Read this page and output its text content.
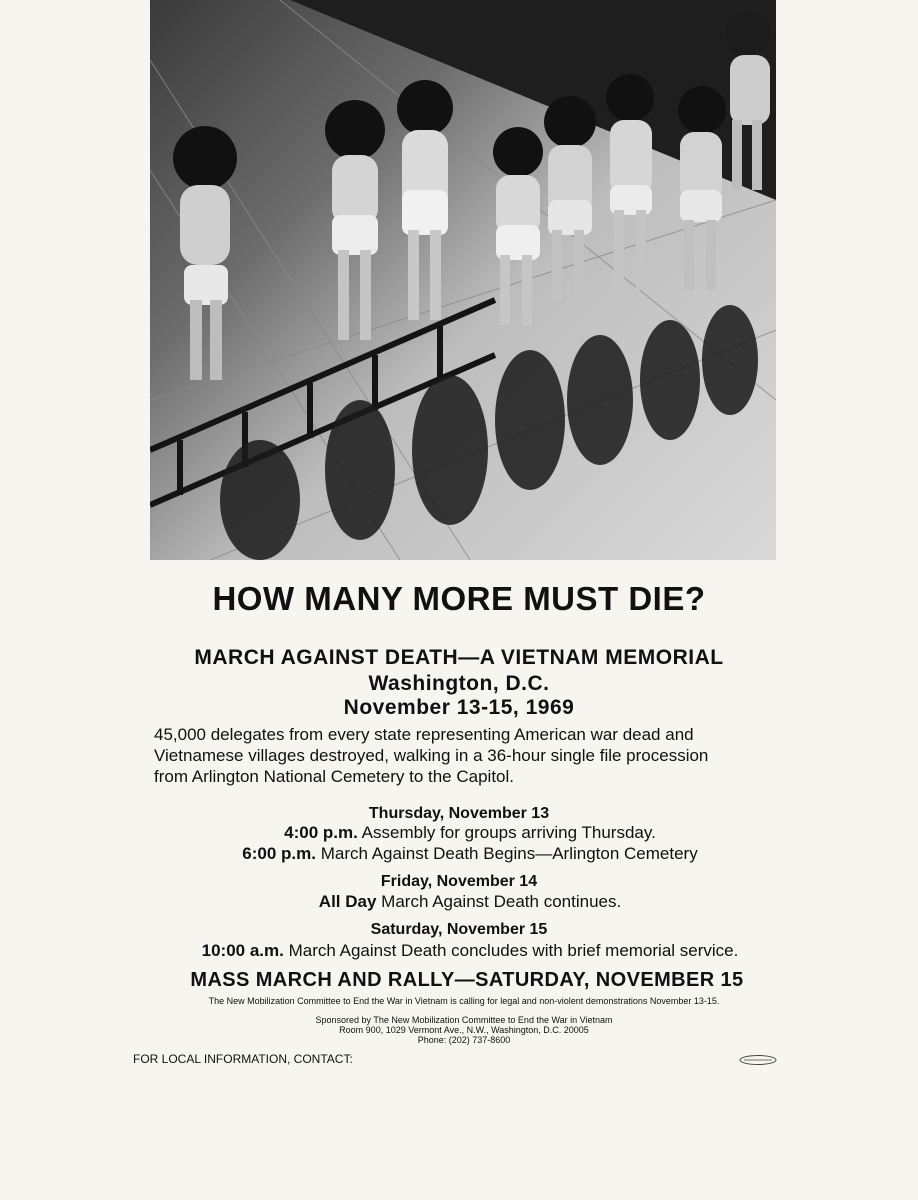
HOW MANY MORE MUST DIE?
MARCH AGAINST DEATH—A VIETNAM MEMORIAL
Washington, D.C.
November 13-15, 1969
45,000 delegates from every state representing American war dead and
Vietnamese villages destroyed, walking in a 36-hour single file procession
from Arlington National Cemetery to the Capitol.
Thursday, November 13
4:00 p.m. Assembly for groups arriving Thursday.
6:00 p.m. March Against Death Begins—Arlington Cemetery
Friday, November 14
All Day March Against Death continues.
Saturday, November 15
10:00 a.m. March Against Death concludes with brief memorial service.
MASS MARCH AND RALLY—SATURDAY, NOVEMBER 15
The New Mobilization Committee to End the War in Vietnam is calling for legal and non-violent demonstrations November 13-15.
Sponsored by The New Mobilization Committee to End the War in Vietnam
Room 900, 1029 Vermont Ave., N.W., Washington, D.C. 20005
Phone: (202) 737-8600
FOR LOCAL INFORMATION, CONTACT:
